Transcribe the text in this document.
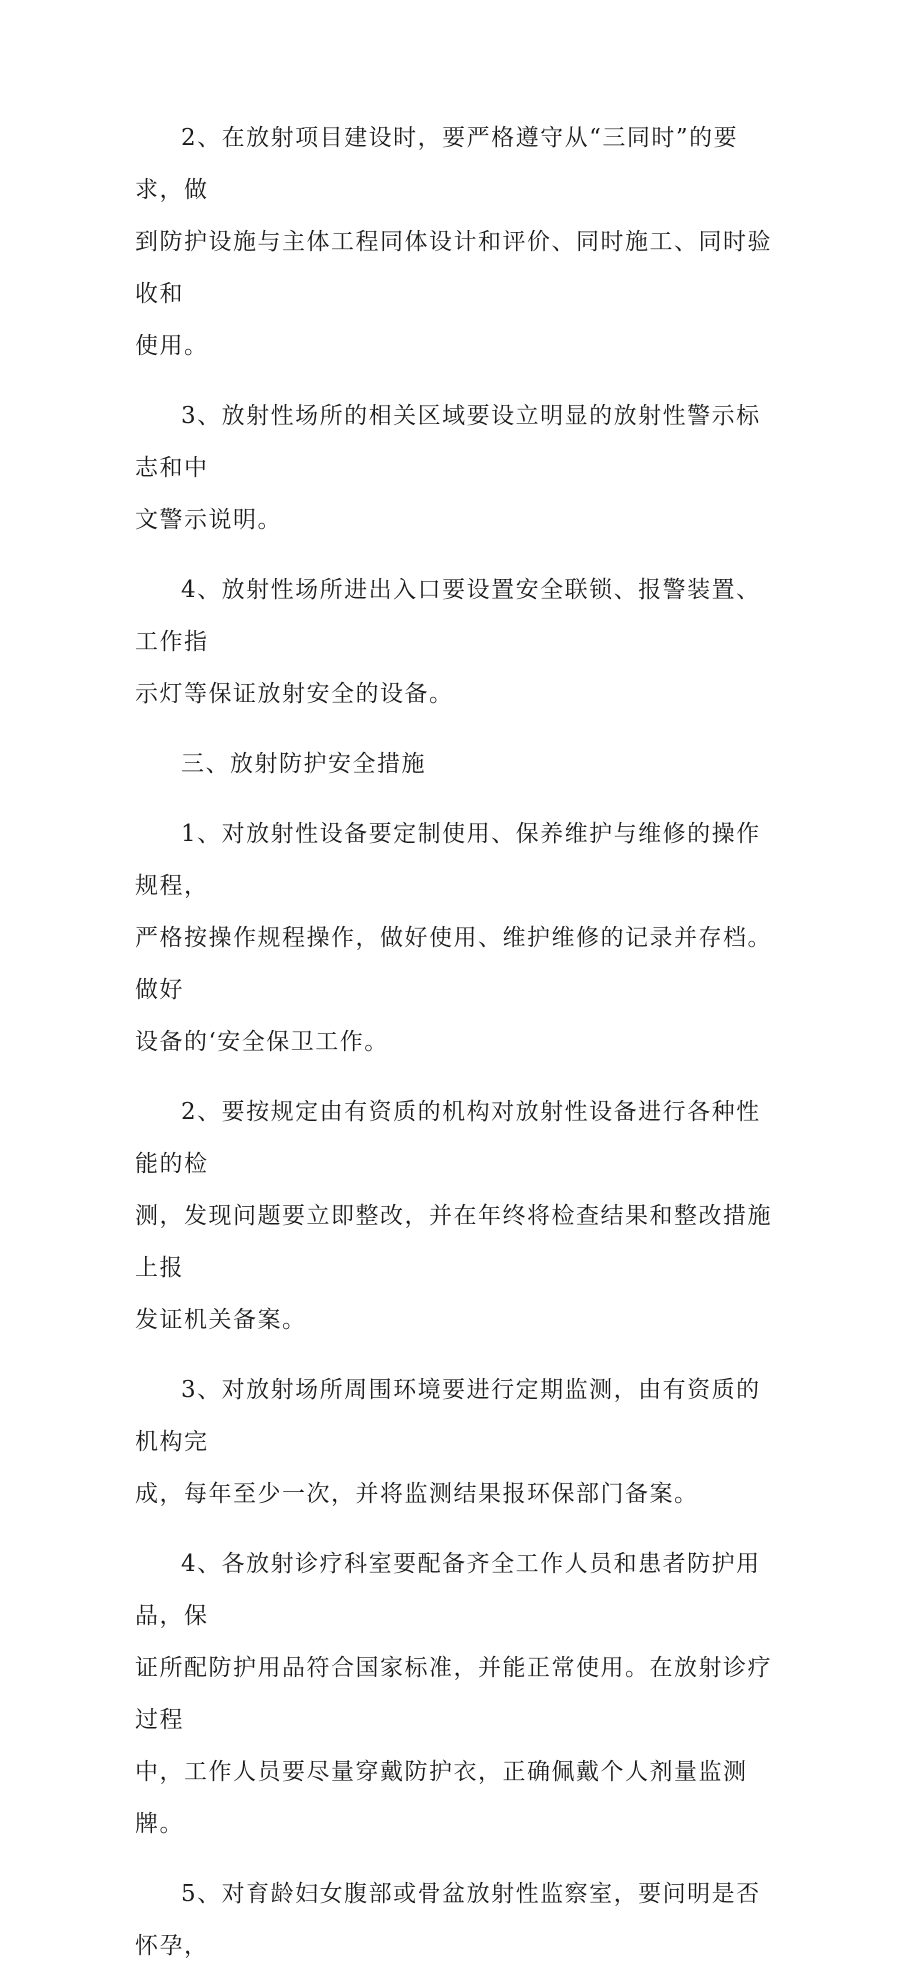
2、在放射项目建设时，要严格遵守从“三同时”的要求，做
到防护设施与主体工程同体设计和评价、同时施工、同时验收和
使用。

3、放射性场所的相关区域要设立明显的放射性警示标志和中
文警示说明。

4、放射性场所进出入口要设置安全联锁、报警装置、工作指
示灯等保证放射安全的设备。

三、放射防护安全措施

1、对放射性设备要定制使用、保养维护与维修的操作规程，
严格按操作规程操作，做好使用、维护维修的记录并存档。做好
设备的‘安全保卫工作。

2、要按规定由有资质的机构对放射性设备进行各种性能的检
测，发现问题要立即整改，并在年终将检查结果和整改措施上报
发证机关备案。

3、对放射场所周围环境要进行定期监测，由有资质的机构完
成，每年至少一次，并将监测结果报环保部门备案。

4、各放射诊疗科室要配备齐全工作人员和患者防护用品，保
证所配防护用品符合国家标准，并能正常使用。在放射诊疗过程
中，工作人员要尽量穿戴防护衣，正确佩戴个人剂量监测牌。

5、对育龄妇女腹部或骨盆放射性监察室，要问明是否怀孕，
